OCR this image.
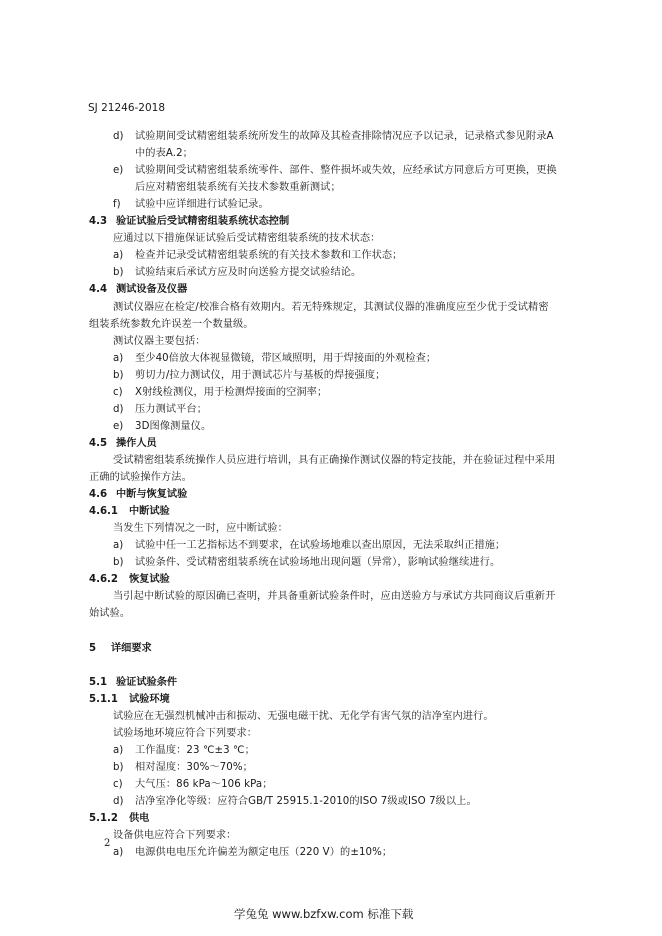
SJ 21246-2018
d) 试验期间受试精密组装系统所发生的故障及其检查排除情况应予以记录，记录格式参见附录A
中的表A.2；
e) 试验期间受试精密组装系统零件、部件、整件损坏或失效，应经承试方同意后方可更换，更换
后应对精密组装系统有关技术参数重新测试；
f) 试验中应详细进行试验记录。
4.3 验证试验后受试精密组装系统状态控制
应通过以下措施保证试验后受试精密组装系统的技术状态：
a) 检查并记录受试精密组装系统的有关技术参数和工作状态；
b) 试验结束后承试方应及时向送验方提交试验结论。
4.4 测试设备及仪器
测试仪器应在检定/校准合格有效期内。若无特殊规定，其测试仪器的准确度应至少优于受试精密
组装系统参数允许误差一个数量级。
测试仪器主要包括：
a) 至少40倍放大体视显微镜，带区域照明，用于焊接面的外观检查；
b) 剪切力/拉力测试仪，用于测试芯片与基板的焊接强度；
c) X射线检测仪，用于检测焊接面的空洞率；
d) 压力测试平台；
e) 3D图像测量仪。
4.5 操作人员
受试精密组装系统操作人员应进行培训，具有正确操作测试仪器的特定技能，并在验证过程中采用
正确的试验操作方法。
4.6 中断与恢复试验
4.6.1 中断试验
当发生下列情况之一时，应中断试验：
a) 试验中任一工艺指标达不到要求，在试验场地难以查出原因，无法采取纠正措施；
b) 试验条件、受试精密组装系统在试验场地出现问题（异常），影响试验继续进行。
4.6.2 恢复试验
当引起中断试验的原因确已查明，并具备重新试验条件时，应由送验方与承试方共同商议后重新开
始试验。
5 详细要求
5.1 验证试验条件
5.1.1 试验环境
试验应在无强烈机械冲击和振动、无强电磁干扰、无化学有害气氛的洁净室内进行。
试验场地环境应符合下列要求：
a) 工作温度：23 ℃±3 ℃；
b) 相对湿度：30%～70%；
c) 大气压：86 kPa～106 kPa；
d) 洁净室净化等级：应符合GB/T 25915.1-2010的ISO 7级或ISO 7级以上。
5.1.2 供电
设备供电应符合下列要求：
a) 电源供电电压允许偏差为额定电压（220 V）的±10%；
2
学兔兔 www.bzfxw.com 标准下载
